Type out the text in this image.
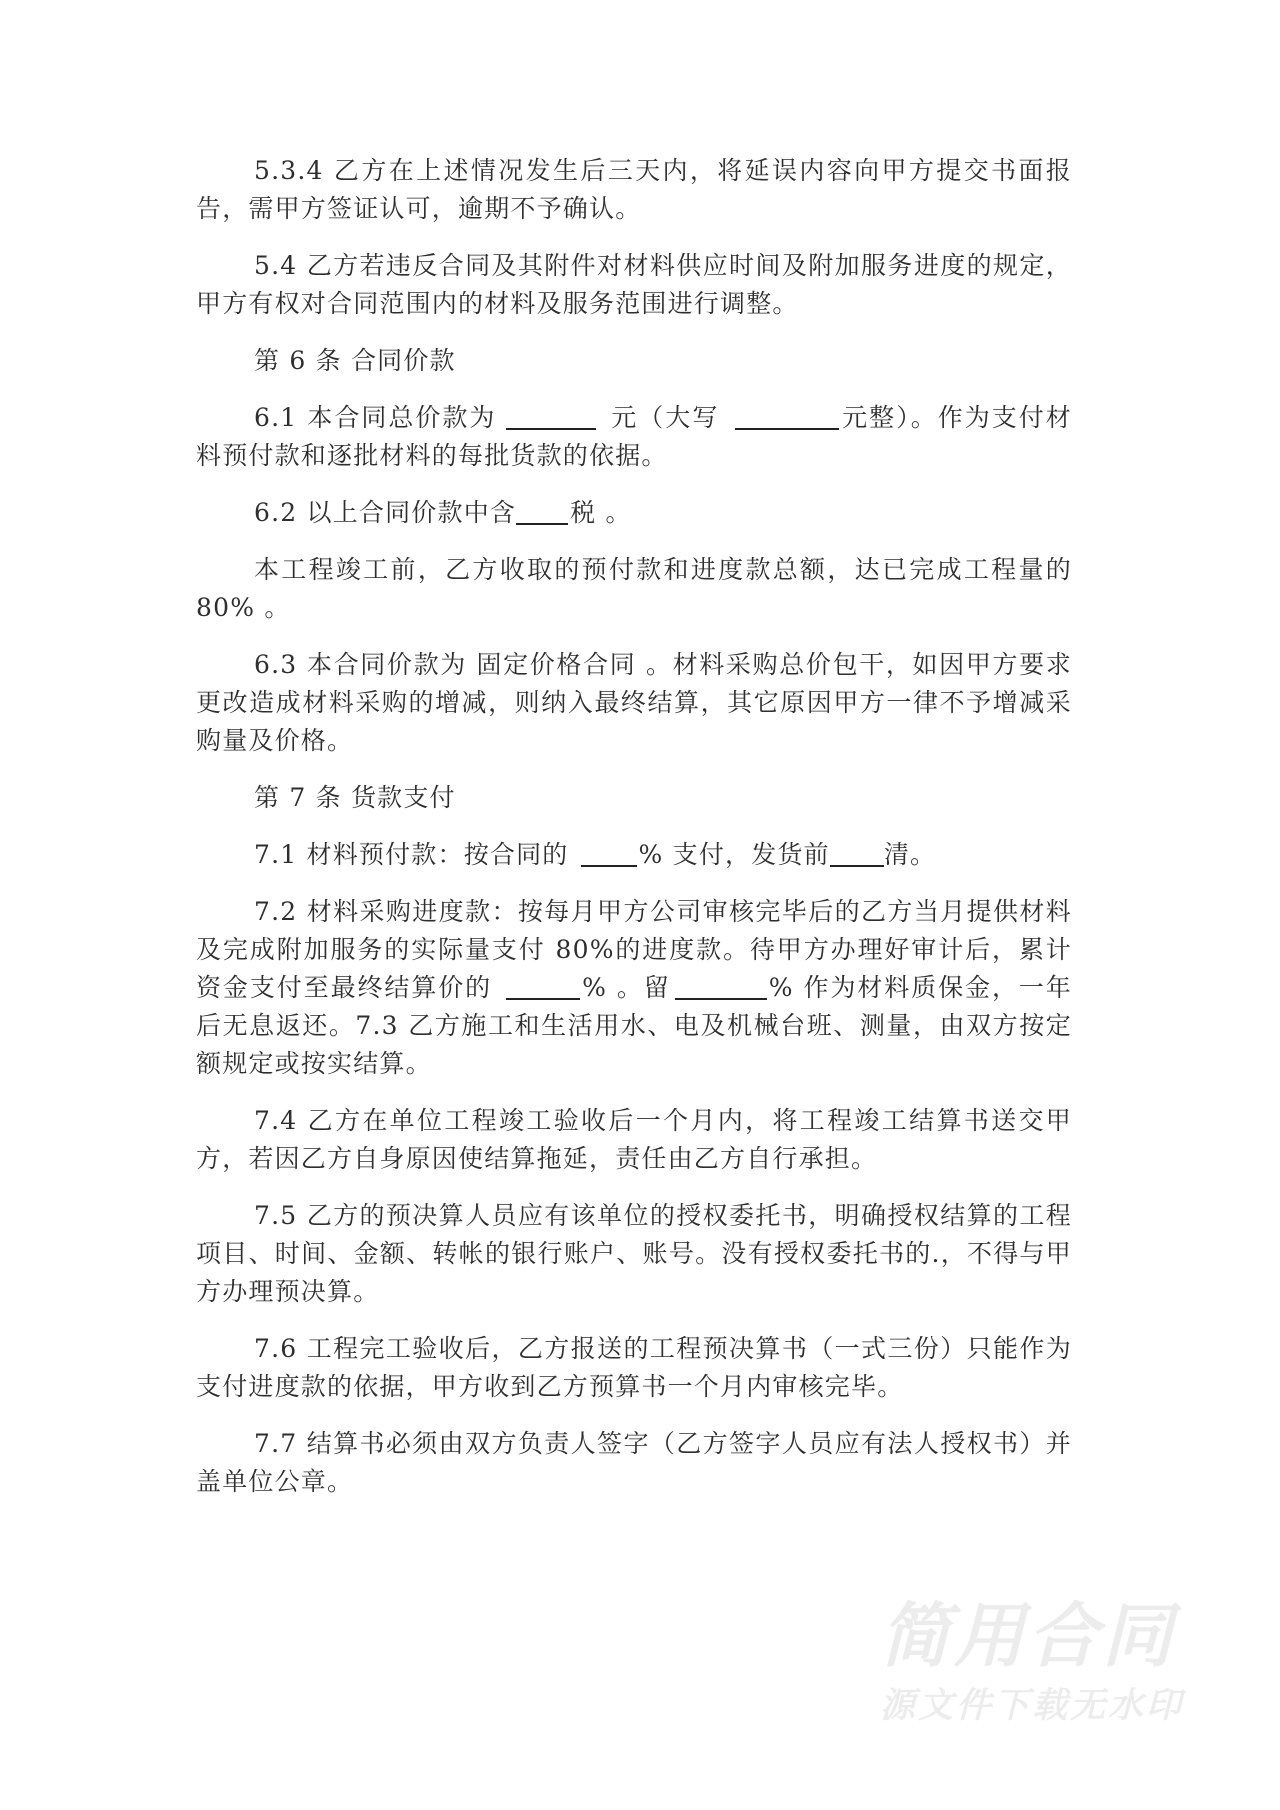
5.3.4 乙方在上述情况发生后三天内，将延误内容向甲方提交书面报告，需甲方签证认可，逾期不予确认。

5.4 乙方若违反合同及其附件对材料供应时间及附加服务进度的规定，甲方有权对合同范围内的材料及服务范围进行调整。

第 6 条 合同价款

6.1 本合同总价款为	元（大写	元整）。作为支付材料预付款和逐批材料的每批货款的依据。

6.2 以上合同价款中含 税 。

本工程竣工前，乙方收取的预付款和进度款总额，达已完成工程量的 80% 。

6.3 本合同价款为 固定价格合同 。材料采购总价包干，如因甲方要求更改造成材料采购的增减，则纳入最终结算，其它原因甲方一律不予增减采购量及价格。

第 7 条 货款支付

7.1 材料预付款：按合同的	% 支付，发货前 清。

7.2 材料采购进度款：按每月甲方公司审核完毕后的乙方当月提供材料及完成附加服务的实际量支付 80%的进度款。待甲方办理好审计后，累计资金支付至最终结算价的	% 。留	% 作为材料质保金，一年后无息返还。7.3 乙方施工和生活用水、电及机械台班、测量，由双方按定额规定或按实结算。

7.4 乙方在单位工程竣工验收后一个月内，将工程竣工结算书送交甲方，若因乙方自身原因使结算拖延，责任由乙方自行承担。

7.5 乙方的预决算人员应有该单位的授权委托书，明确授权结算的工程项目、时间、金额、转帐的银行账户、账号。没有授权委托书的.，不得与甲方办理预决算。

7.6 工程完工验收后，乙方报送的工程预决算书（一式三份）只能作为支付进度款的依据，甲方收到乙方预算书一个月内审核完毕。

7.7 结算书必须由双方负责人签字（乙方签字人员应有法人授权书）并盖单位公章。

简用合同
源文件下载无水印
